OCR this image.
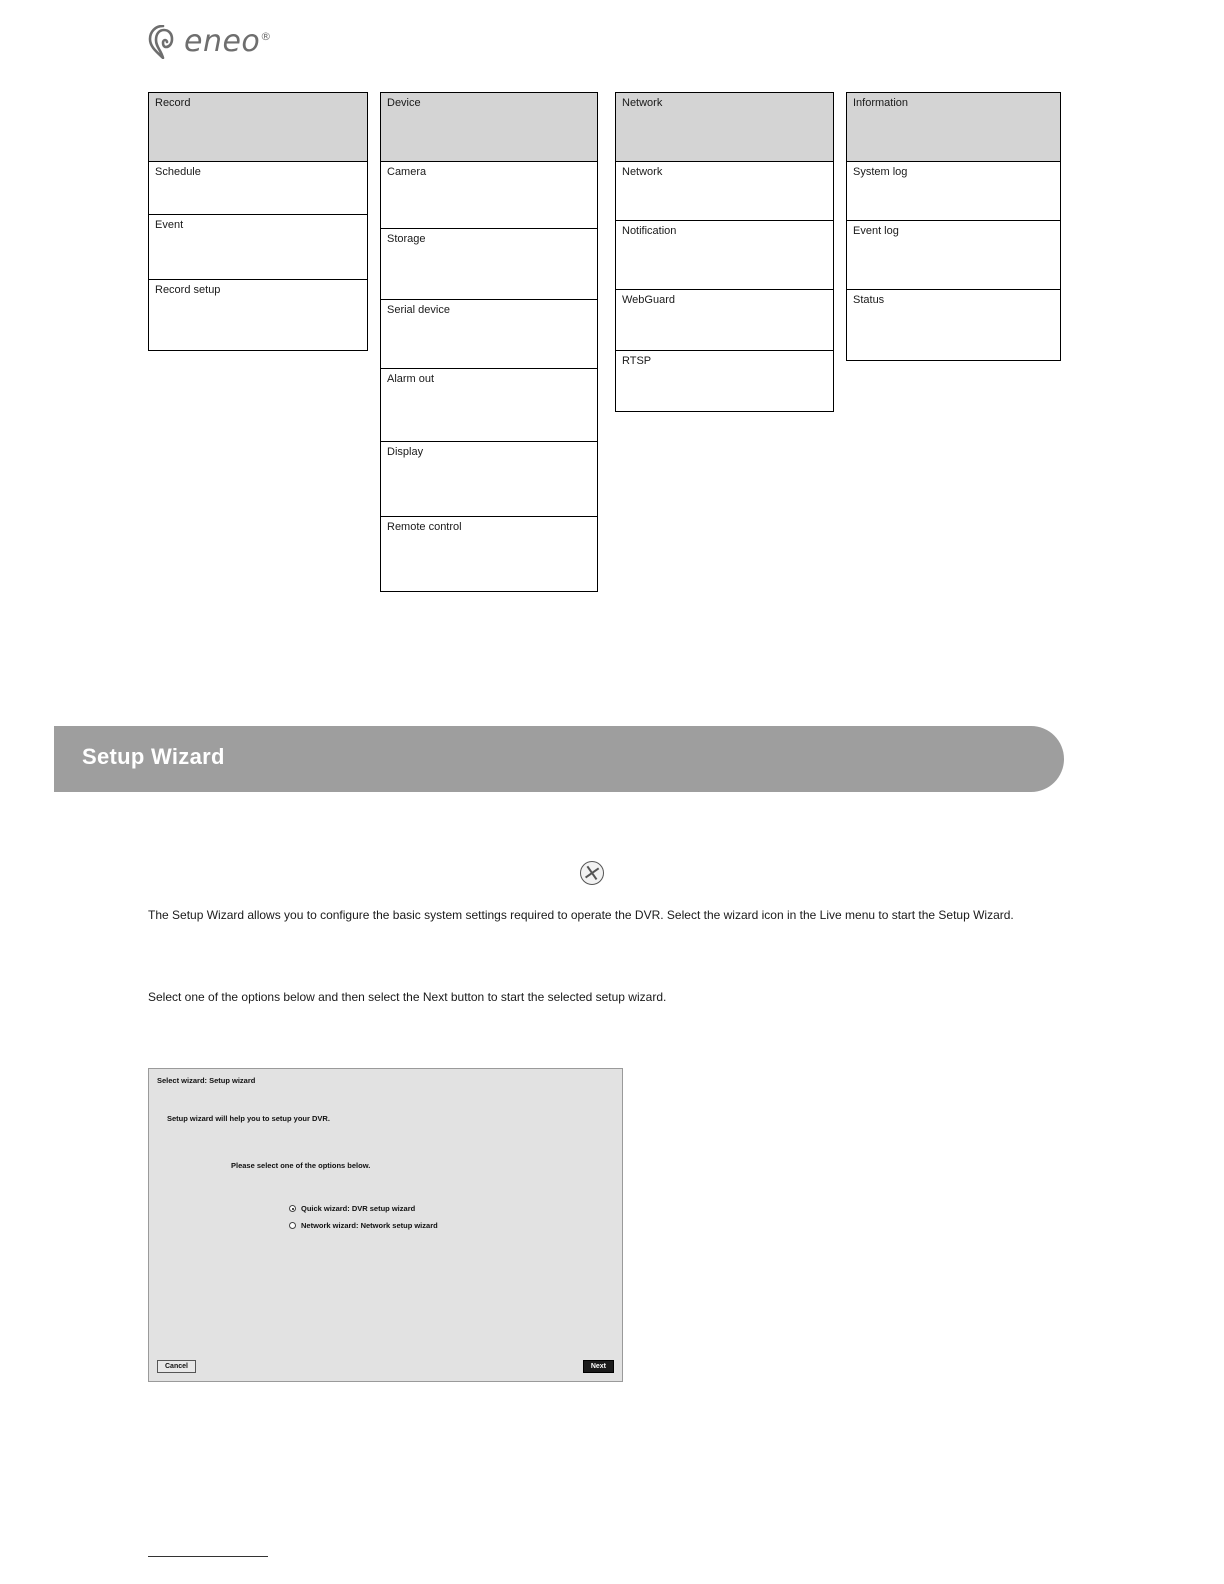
eneo®
Record
Schedule
Event
Record setup
Device
Camera
Storage
Serial device
Alarm out
Display
Remote control
Network
Network
Notification
WebGuard
RTSP
Information
System log
Event log
Status
Setup Wizard
The Setup Wizard allows you to configure the basic system settings required to operate the DVR. Select the wizard icon in the Live menu to start the Setup Wizard.
Select one of the options below and then select the Next button to start the selected setup wizard.
Select wizard: Setup wizard
Setup wizard will help you to setup your DVR.
Please select one of the options below.
Quick wizard: DVR setup wizard
Network wizard: Network setup wizard
Cancel	Next
